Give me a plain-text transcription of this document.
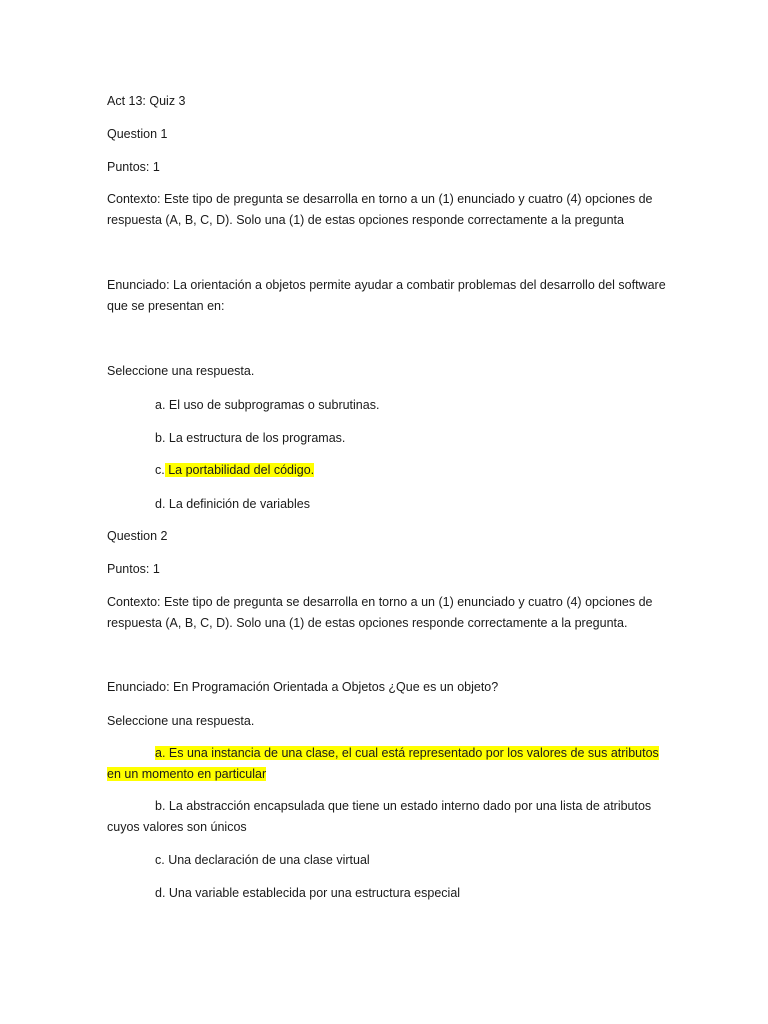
Act 13: Quiz 3

Question 1

Puntos: 1

Contexto: Este tipo de pregunta se desarrolla en torno a un (1) enunciado y cuatro (4) opciones de respuesta (A, B, C, D). Solo una (1) de estas opciones responde correctamente a la pregunta

Enunciado: La orientación a objetos permite ayudar a combatir problemas del desarrollo del software que se presentan en:

Seleccione una respuesta.

a. El uso de subprogramas o subrutinas.

b. La estructura de los programas.

c. La portabilidad del código.

d. La definición de variables

Question 2

Puntos: 1

Contexto: Este tipo de pregunta se desarrolla en torno a un (1) enunciado y cuatro (4) opciones de respuesta (A, B, C, D). Solo una (1) de estas opciones responde correctamente a la pregunta.

Enunciado: En Programación Orientada a Objetos ¿Que es un objeto?

Seleccione una respuesta.

a. Es una instancia de una clase, el cual está representado por los valores de sus atributos

en un momento en particular

b. La abstracción encapsulada que tiene un estado interno dado por una lista de atributos cuyos valores son únicos

c. Una declaración de una clase virtual

d. Una variable establecida por una estructura especial
